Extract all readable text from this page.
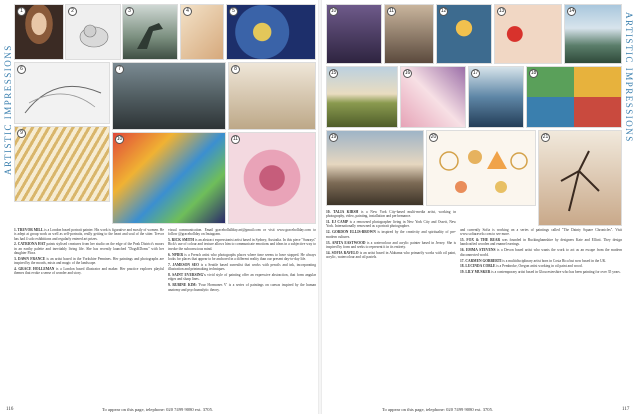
ARTISTIC IMPRESSIONS
1	2	3	4	5
6	7	8
9
10	11

1. TREVOR MILL is a London based portrait painter. His work is figurative and mostly of women. He is adept at group work as well as self-portraits, really getting to the heart and soul of the sitter. Trevor has had 4 solo exhibitions and regularly entered art prizes.

2. CATRIONA HAT paints stylised creatures from her studio on the edge of the Peak District's moors in an earthy palette and inevitably living life. She has recently launched "DogsKDoms" with her daughter Flora.

3. DAWN FRANCE is an artist based in the Yorkshire Pennines. Her paintings and photographs are inspired by the moods, mists and magic of the landscape.

4. GRACE HOLLEMAN is a London based illustrator and maker. Her practice explores playful themes that evoke a sense of wonder and story.

visual communication. Email gracehollallday.art@gmail.com or visit www.gracehollday.com to follow @gracehollday on Instagram.

5. RICK SMITH is an abstract expressionist artist based in Sydney, Australia. In this piece "Sunrays" Rick's use of colour and texture allows him to communicate emotions and ideas in a subjective way to invoke the subconscious mind.

6. NPIER is a French artist who photographs places where time seems to have stopped. He always looks for places that appear to be anchored in a different reality than our present day-to-day life.

7. JAMESON SEO is a Seattle based surrealist that works with pencils and ink, incorporating illustration and printmaking techniques.

8. SAINT EVERSING's vivid style of painting offer an expressive abstraction, that form angular edges and sharp lines.

9. RUBINE KIM: 'Four Hormones V' is a series of paintings on canvas inspired by the human anatomy and psychoanalytic theory.

116	To appear on this page, telephone: 020 7499 9080 ext. 3705.
ARTISTIC IMPRESSIONS
10	11	12	13	14
15	16	17	18
19	20	21

10. TALIA KIRSH is a New York City-based multi-media artist, working in photography, video, painting, installation and performance.

11. EJ CAMP is a renowned photographer living in New York City and Ossett, New York. Internationally renowned as a portrait photographer.

12. GORDON ELLIS-BROWN is inspired by the creativity and spirituality of pre-modern cultures.

13. ANITA EASTWOOD is a watercolour and acrylic painter based in Jersey. She is inspired by form and seeks to represent it in its entirety.

14. SOFIA RAVELO is an artist based in Alabama who primarily works with oil paint, acrylic, watercolour and oil pastels.

and currently Sofia is working on a series of paintings called "The Dainty Square Chronicles". Visit www.sofiaravelo.com to see more.

15. FOX & THE BEAR was founded in Buckinghamshire by designers Kate and Elliott. They design handcrafted wooden and enamel earrings.

16. EMMA STEVENS is a Devon based artist who wants the work to act as an escape from the modern disconnected world.

17. CARMEN GOBBERTI is a multidisciplinary artist born in Costa Rica but now based in the UK.

18. LUCINDA COBLE is a Pembroke, Oregon artist working in oil paint and wood.

19. LILY MUSKER is a contemporary artist based in Gloucestershire who has been painting for over 35 years.

To appear on this page, telephone: 020 7499 9080 ext. 3705.	117
